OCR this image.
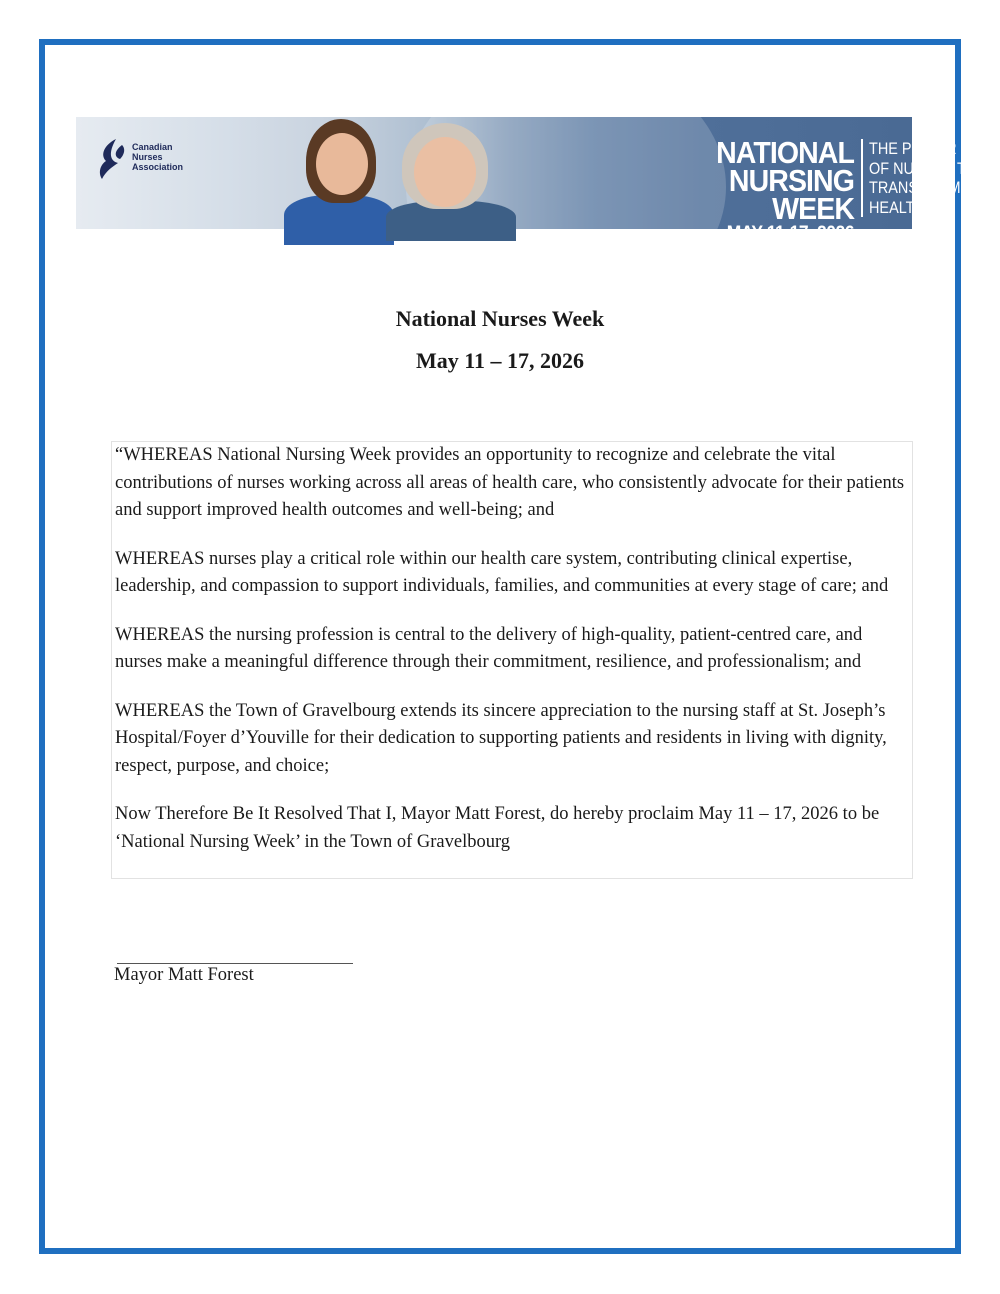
Canadian
Nurses
Association	NATIONAL
NURSING WEEK
MAY 11-17, 2026
THE POWER
OF NURSES TO
TRANSFORM
HEALTH
National Nurses Week
May 11 – 17, 2026

“WHEREAS National Nursing Week provides an opportunity to recognize and celebrate the vital contributions of nurses working across all areas of health care, who consistently advocate for their patients and support improved health outcomes and well-being; and

WHEREAS nurses play a critical role within our health care system, contributing clinical expertise, leadership, and compassion to support individuals, families, and communities at every stage of care; and

WHEREAS the nursing profession is central to the delivery of high-quality, patient-centred care, and nurses make a meaningful difference through their commitment, resilience, and professionalism; and

WHEREAS the Town of Gravelbourg extends its sincere appreciation to the nursing staff at St. Joseph’s Hospital/Foyer d’Youville for their dedication to supporting patients and residents in living with dignity, respect, purpose, and choice;

Now Therefore Be It Resolved That I, Mayor Matt Forest, do hereby proclaim May 11 – 17, 2026 to be ‘National Nursing Week’ in the Town of Gravelbourg

Mayor Matt Forest
